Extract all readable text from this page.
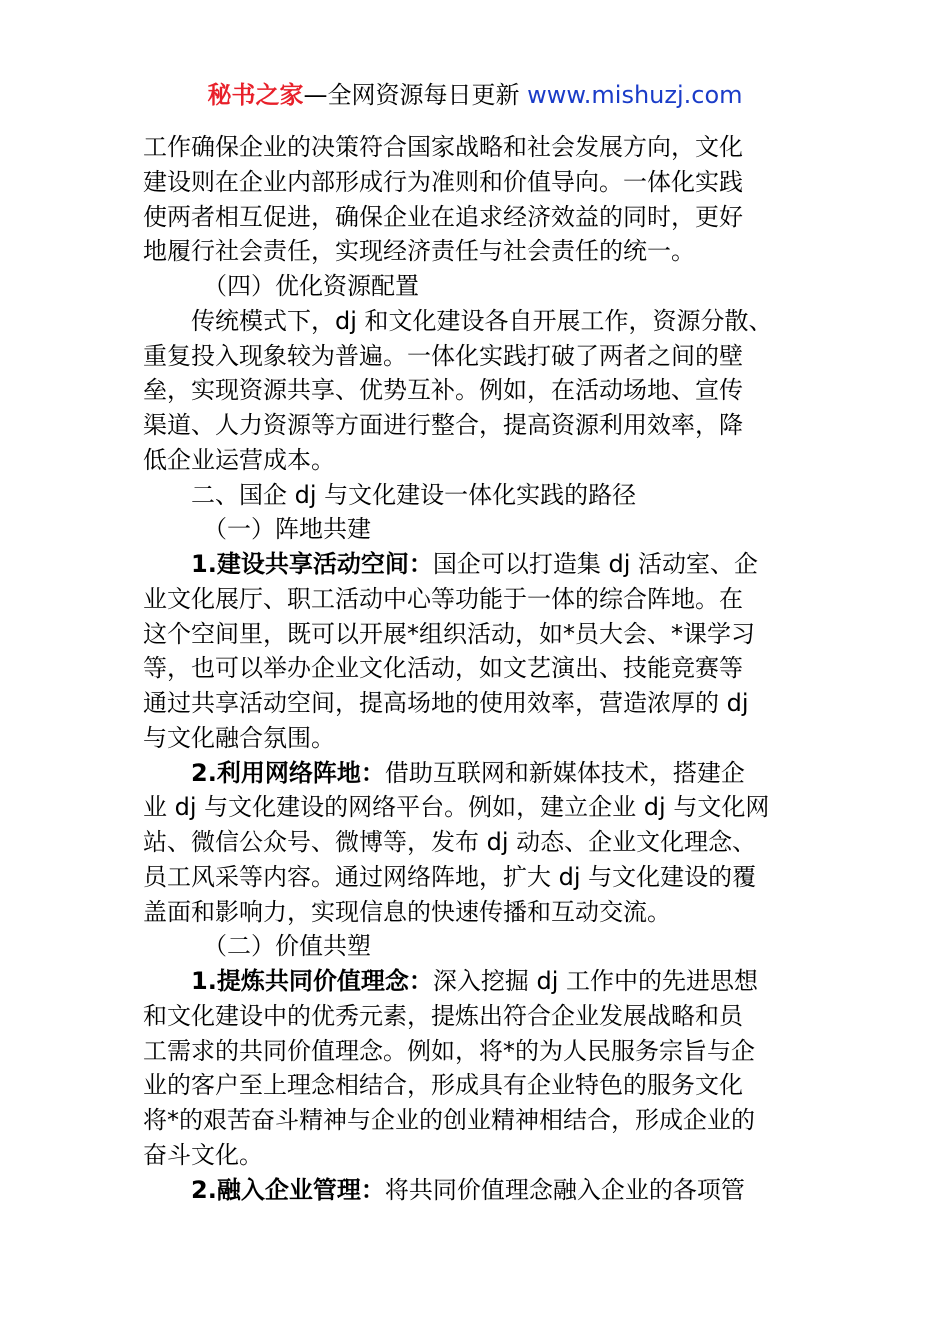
秘书之家—全网资源每日更新 www.mishuzj.com
工作确保企业的决策符合国家战略和社会发展方向，文化
建设则在企业内部形成行为准则和价值导向。一体化实践
使两者相互促进，确保企业在追求经济效益的同时，更好
地履行社会责任，实现经济责任与社会责任的统一。
（四）优化资源配置
传统模式下，dj 和文化建设各自开展工作，资源分散、
重复投入现象较为普遍。一体化实践打破了两者之间的壁
垒，实现资源共享、优势互补。例如，在活动场地、宣传
渠道、人力资源等方面进行整合，提高资源利用效率，降
低企业运营成本。
二、国企 dj 与文化建设一体化实践的路径
（一）阵地共建
1.建设共享活动空间：国企可以打造集 dj 活动室、企
业文化展厅、职工活动中心等功能于一体的综合阵地。在
这个空间里，既可以开展*组织活动，如*员大会、*课学习
等，也可以举办企业文化活动，如文艺演出、技能竞赛等
通过共享活动空间，提高场地的使用效率，营造浓厚的 dj
与文化融合氛围。
2.利用网络阵地：借助互联网和新媒体技术，搭建企
业 dj 与文化建设的网络平台。例如，建立企业 dj 与文化网
站、微信公众号、微博等，发布 dj 动态、企业文化理念、
员工风采等内容。通过网络阵地，扩大 dj 与文化建设的覆
盖面和影响力，实现信息的快速传播和互动交流。
（二）价值共塑
1.提炼共同价值理念：深入挖掘 dj 工作中的先进思想
和文化建设中的优秀元素，提炼出符合企业发展战略和员
工需求的共同价值理念。例如，将*的为人民服务宗旨与企
业的客户至上理念相结合，形成具有企业特色的服务文化
将*的艰苦奋斗精神与企业的创业精神相结合，形成企业的
奋斗文化。
2.融入企业管理：将共同价值理念融入企业的各项管
